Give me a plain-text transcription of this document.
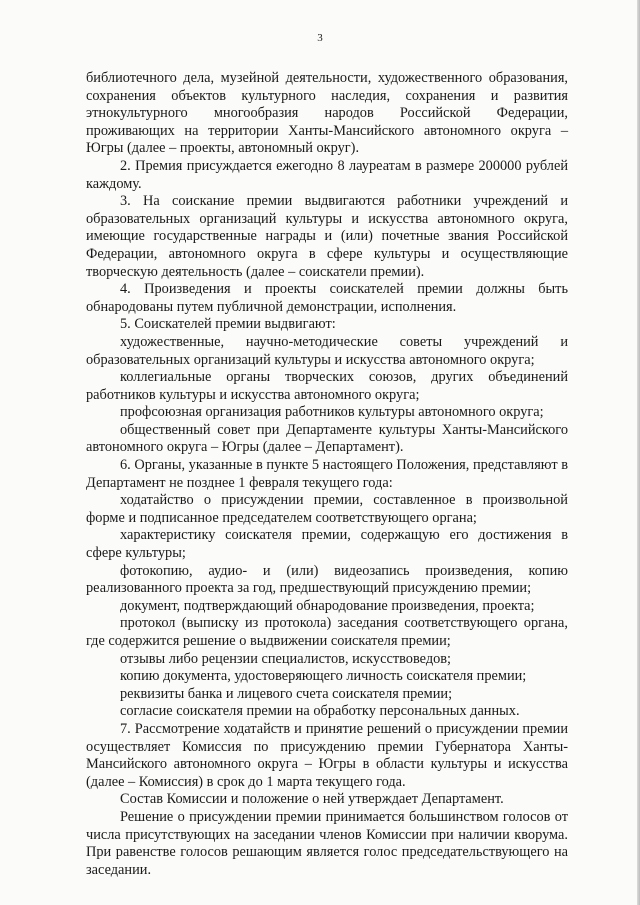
3

библиотечного дела, музейной деятельности, художественного образования, сохранения объектов культурного наследия, сохранения и развития этнокультурного многообразия народов Российской Федерации, проживающих на территории Ханты-Мансийского автономного округа – Югры (далее – проекты, автономный округ).

2. Премия присуждается ежегодно 8 лауреатам в размере 200000 рублей каждому.

3. На соискание премии выдвигаются работники учреждений и образовательных организаций культуры и искусства автономного округа, имеющие государственные награды и (или) почетные звания Российской Федерации, автономного округа в сфере культуры и осуществляющие творческую деятельность (далее – соискатели премии).

4. Произведения и проекты соискателей премии должны быть обнародованы путем публичной демонстрации, исполнения.

5. Соискателей премии выдвигают:

художественные, научно-методические советы учреждений и образовательных организаций культуры и искусства автономного округа;

коллегиальные органы творческих союзов, других объединений работников культуры и искусства автономного округа;

профсоюзная организация работников культуры автономного округа;

общественный совет при Департаменте культуры Ханты-Мансийского автономного округа – Югры (далее – Департамент).

6. Органы, указанные в пункте 5 настоящего Положения, представляют в Департамент не позднее 1 февраля текущего года:

ходатайство о присуждении премии, составленное в произвольной форме и подписанное председателем соответствующего органа;

характеристику соискателя премии, содержащую его достижения в сфере культуры;

фотокопию, аудио- и (или) видеозапись произведения, копию реализованного проекта за год, предшествующий присуждению премии;

документ, подтверждающий обнародование произведения, проекта;

протокол (выписку из протокола) заседания соответствующего органа, где содержится решение о выдвижении соискателя премии;

отзывы либо рецензии специалистов, искусствоведов;

копию документа, удостоверяющего личность соискателя премии;

реквизиты банка и лицевого счета соискателя премии;

согласие соискателя премии на обработку персональных данных.

7. Рассмотрение ходатайств и принятие решений о присуждении премии осуществляет Комиссия по присуждению премии Губернатора Ханты-Мансийского автономного округа – Югры в области культуры и искусства (далее – Комиссия) в срок до 1 марта текущего года.

Состав Комиссии и положение о ней утверждает Департамент.

Решение о присуждении премии принимается большинством голосов от числа присутствующих на заседании членов Комиссии при наличии кворума. При равенстве голосов решающим является голос председательствующего на заседании.
